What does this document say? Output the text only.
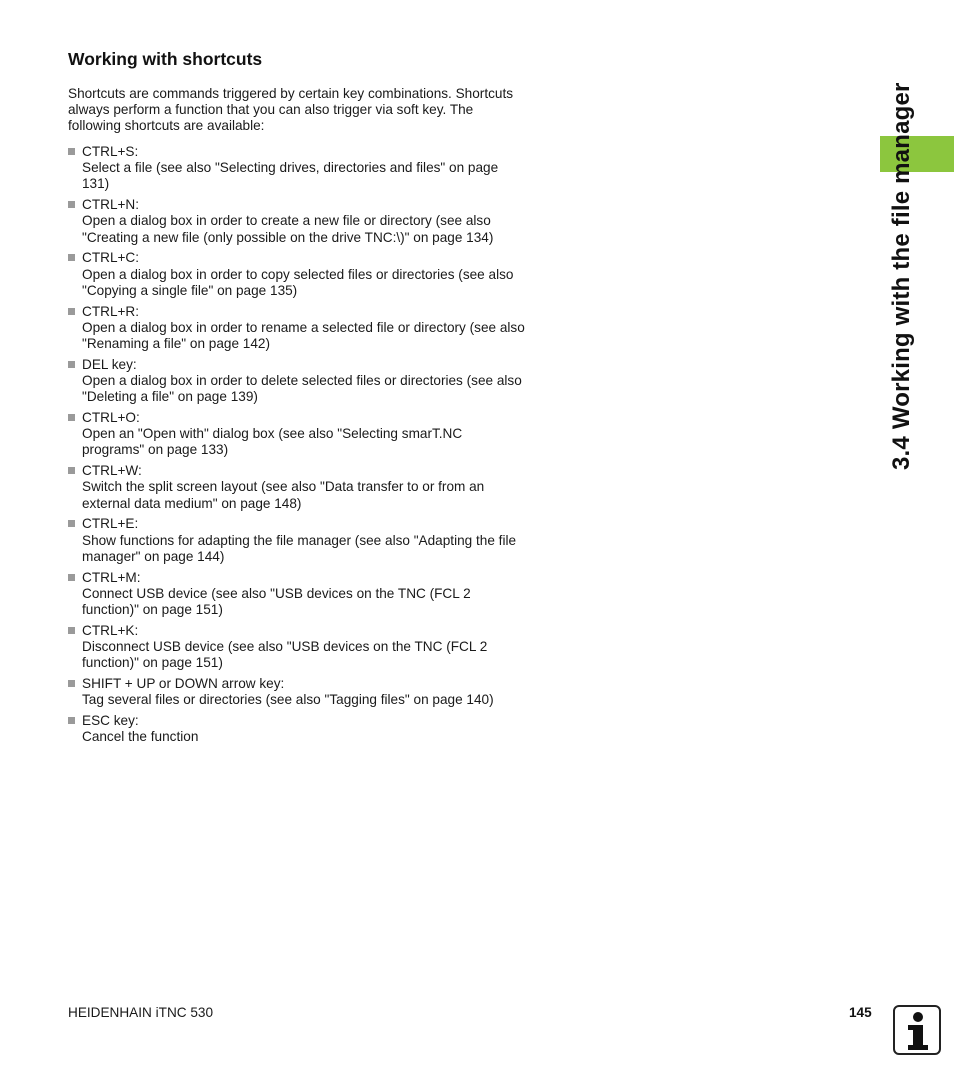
Working with shortcuts

Shortcuts are commands triggered by certain key combinations. Shortcuts always perform a function that you can also trigger via soft key. The following shortcuts are available:

CTRL+S:
Select a file (see also "Selecting drives, directories and files" on page 131)
CTRL+N:
Open a dialog box in order to create a new file or directory (see also "Creating a new file (only possible on the drive TNC:\)" on page 134)
CTRL+C:
Open a dialog box in order to copy selected files or directories (see also "Copying a single file" on page 135)
CTRL+R:
Open a dialog box in order to rename a selected file or directory (see also "Renaming a file" on page 142)
DEL key:
Open a dialog box in order to delete selected files or directories (see also "Deleting a file" on page 139)
CTRL+O:
Open an "Open with" dialog box (see also "Selecting smarT.NC programs" on page 133)
CTRL+W:
Switch the split screen layout (see also "Data transfer to or from an external data medium" on page 148)
CTRL+E:
Show functions for adapting the file manager (see also "Adapting the file manager" on page 144)
CTRL+M:
Connect USB device (see also "USB devices on the TNC (FCL 2 function)" on page 151)
CTRL+K:
Disconnect USB device (see also "USB devices on the TNC (FCL 2 function)" on page 151)
SHIFT + UP or DOWN arrow key:
Tag several files or directories (see also "Tagging files" on page 140)
ESC key:
Cancel the function
3.4 Working with the file manager
HEIDENHAIN iTNC 530	145
